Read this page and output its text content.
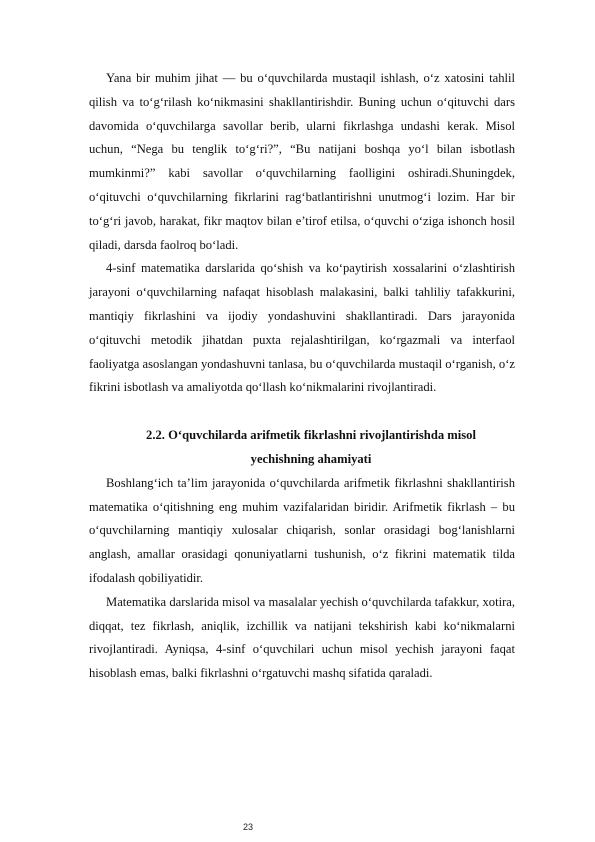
Yana bir muhim jihat — bu o‘quvchilarda mustaqil ishlash, o‘z xatosini tahlil qilish va to‘g‘rilash ko‘nikmasini shakllantirishdir. Buning uchun o‘qituvchi dars davomida o‘quvchilarga savollar berib, ularni fikrlashga undashi kerak. Misol uchun, “Nega bu tenglik to‘g‘ri?”, “Bu natijani boshqa yo‘l bilan isbotlash mumkinmi?” kabi savollar o‘quvchilarning faolligini oshiradi.Shuningdek, o‘qituvchi o‘quvchilarning fikrlarini rag‘batlantirishni unutmog‘i lozim. Har bir to‘g‘ri javob, harakat, fikr maqtov bilan e’tirof etilsa, o‘quvchi o‘ziga ishonch hosil qiladi, darsda faolroq bo‘ladi.

4-sinf matematika darslarida qo‘shish va ko‘paytirish xossalarini o‘zlashtirish jarayoni o‘quvchilarning nafaqat hisoblash malakasini, balki tahliliy tafakkurini, mantiqiy fikrlashini va ijodiy yondashuvini shakllantiradi. Dars jarayonida o‘qituvchi metodik jihatdan puxta rejalashtirilgan, ko‘rgazmali va interfaol faoliyatga asoslangan yondashuvni tanlasa, bu o‘quvchilarda mustaqil o‘rganish, o‘z fikrini isbotlash va amaliyotda qo‘llash ko‘nikmalarini rivojlantiradi.

2.2. O‘quvchilarda arifmetik fikrlashni rivojlantirishda misol
yechishning ahamiyati

Boshlang‘ich ta’lim jarayonida o‘quvchilarda arifmetik fikrlashni shakllantirish matematika o‘qitishning eng muhim vazifalaridan biridir. Arifmetik fikrlash – bu o‘quvchilarning mantiqiy xulosalar chiqarish, sonlar orasidagi bog‘lanishlarni anglash, amallar orasidagi qonuniyatlarni tushunish, o‘z fikrini matematik tilda ifodalash qobiliyatidir.

Matematika darslarida misol va masalalar yechish o‘quvchilarda tafakkur, xotira, diqqat, tez fikrlash, aniqlik, izchillik va natijani tekshirish kabi ko‘nikmalarni rivojlantiradi. Ayniqsa, 4-sinf o‘quvchilari uchun misol yechish jarayoni faqat hisoblash emas, balki fikrlashni o‘rgatuvchi mashq sifatida qaraladi.

23
